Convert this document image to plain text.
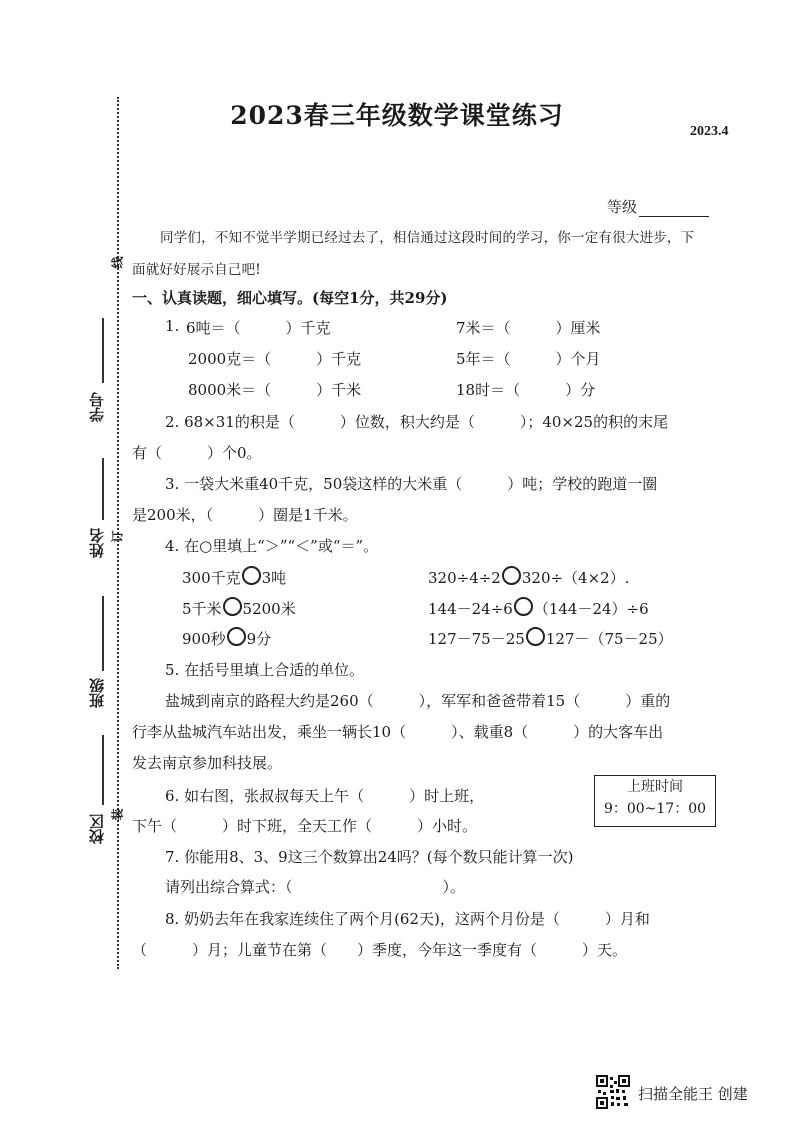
2023春三年级数学课堂练习
2023.4
等级
线
订
装
学号
姓名
班级
校区
同学们，不知不觉半学期已经过去了，相信通过这段时间的学习，你一定有很大进步，下
面就好好展示自己吧!
一、认真读题，细心填写。(每空1分，共29分)
1. 6吨＝（　　　）千克	7米＝（　　　）厘米
2000克＝（　　　）千克	5年＝（　　　）个月
8000米＝（　　　）千米	18时＝（　　　）分
2. 68×31的积是（　　　）位数，积大约是（　　　）；40×25的积的末尾
有（　　　）个0。
3. 一袋大米重40千克，50袋这样的大米重（　　　）吨；学校的跑道一圈
是200米，（　　　）圈是1千米。
4. 在○里填上“＞”“＜”或“＝”。
300千克 3吨	320÷4÷2 320÷（4×2）.
5千米 5200米	144－24÷6 （144－24）÷6
900秒 9分	127－75－25 127－（75－25）
5. 在括号里填上合适的单位。
盐城到南京的路程大约是260（　　　），军军和爸爸带着15（　　　）重的
行李从盐城汽车站出发，乘坐一辆长10（　　　）、载重8（　　　）的大客车出
发去南京参加科技展。
6. 如右图，张叔叔每天上午（　　　）时上班，
下午（　　　）时下班，全天工作（　　　）小时。
上班时间
9：00~17：00
7. 你能用8、3、9这三个数算出24吗？(每个数只能计算一次)
请列出综合算式：（　　　　　　　　　　）。
8. 奶奶去年在我家连续住了两个月(62天)，这两个月份是（　　　）月和
（　　　）月；儿童节在第（　　）季度，今年这一季度有（　　　）天。
扫描全能王 创建
